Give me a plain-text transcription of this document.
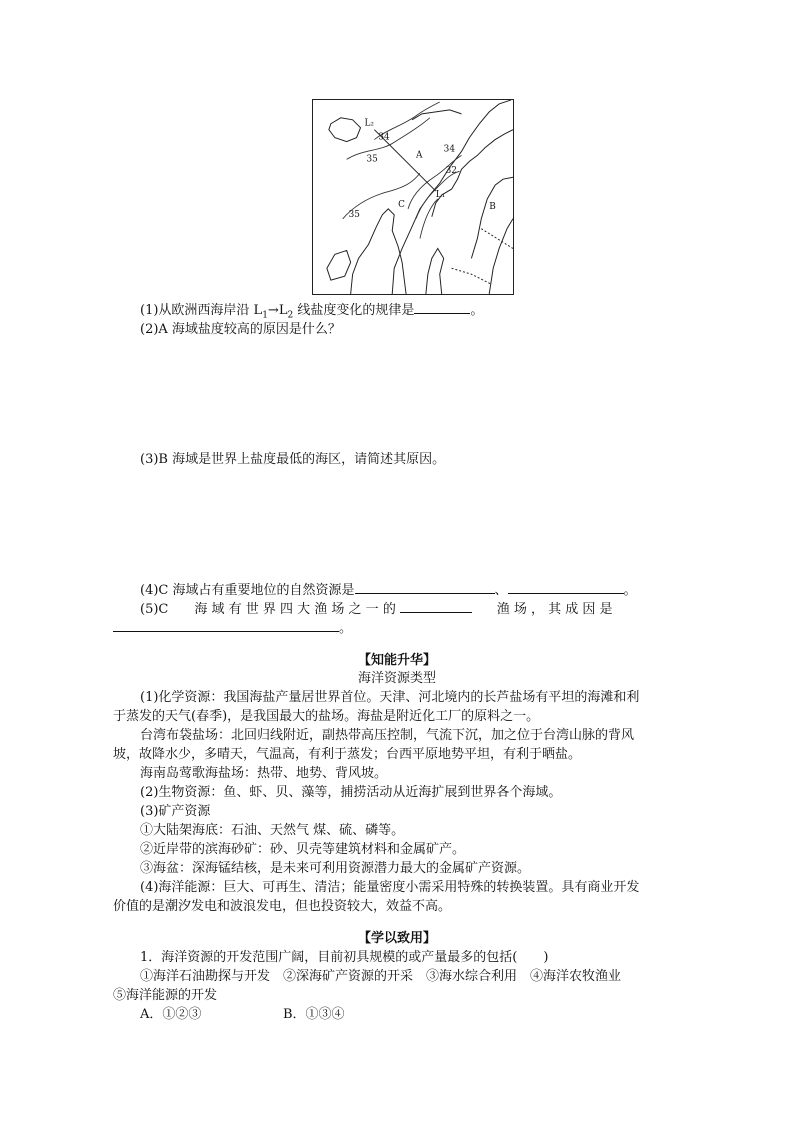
L₂
L₁
A
B
C
34
35
34
32
35
(1)从欧洲西海岸沿 $L_1\to L_2$ 线盐度变化的规律是	。
(2)A 海域盐度较高的原因是什么？
(3)B 海域是世界上盐度最低的海区，请简述其原因。
(4)C 海域占有重要地位的自然资源是	、	。
(5)C　　海 域 有 世 界 四 大 渔 场 之 一 的	渔 场 ， 其 成 因 是
。
【知能升华】
海洋资源类型
(1)化学资源：我国海盐产量居世界首位。天津、河北境内的长芦盐场有平坦的海滩和利
于蒸发的天气(春季)，是我国最大的盐场。海盐是附近化工厂的原料之一。
台湾布袋盐场：北回归线附近，副热带高压控制，气流下沉，加之位于台湾山脉的背风
坡，故降水少，多晴天，气温高，有利于蒸发；台西平原地势平坦，有利于晒盐。
海南岛莺歌海盐场：热带、地势、背风坡。
(2)生物资源：鱼、虾、贝、藻等，捕捞活动从近海扩展到世界各个海域。
(3)矿产资源
①大陆架海底：石油、天然气 煤、硫、磷等。
②近岸带的滨海砂矿：砂、贝壳等建筑材料和金属矿产。
③海盆：深海锰结核，是未来可利用资源潜力最大的金属矿产资源。
(4)海洋能源：巨大、可再生、清洁；能量密度小需采用特殊的转换装置。具有商业开发
价值的是潮汐发电和波浪发电，但也投资较大，效益不高。
【学以致用】
1．海洋资源的开发范围广阔，目前初具规模的或产量最多的包括(　　)
①海洋石油勘探与开发　②深海矿产资源的开采　③海水综合利用　④海洋农牧渔业
⑤海洋能源的开发
A．①②③	B．①③④
